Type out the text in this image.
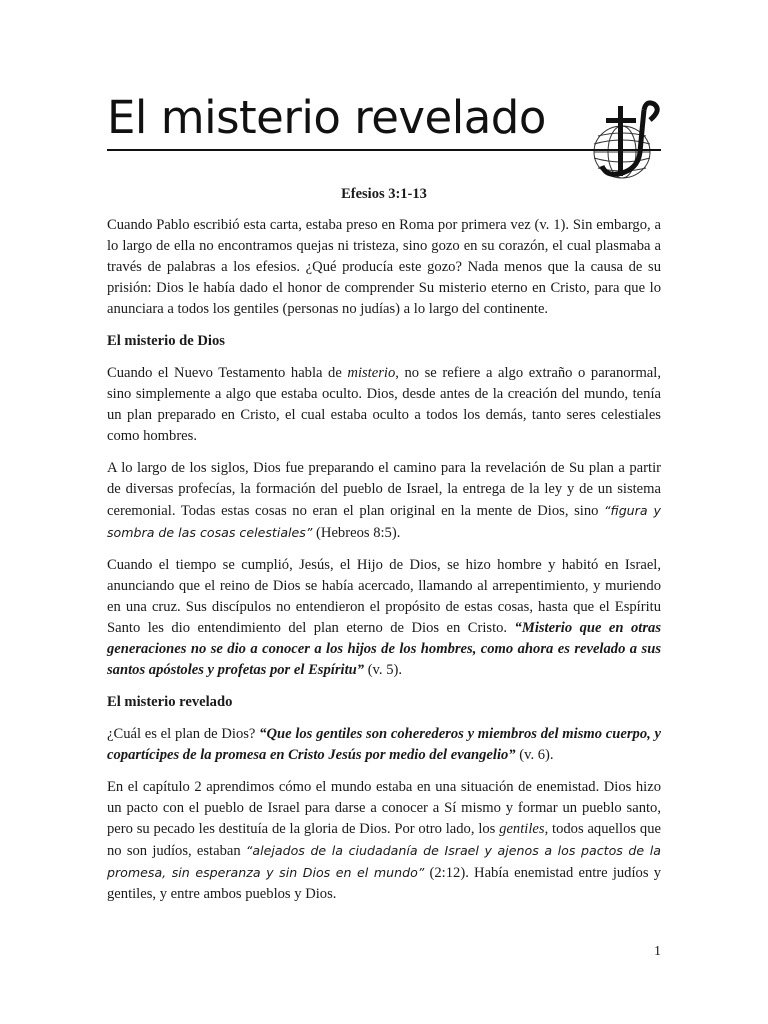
El misterio revelado
Efesios 3:1-13

Cuando Pablo escribió esta carta, estaba preso en Roma por primera vez (v. 1). Sin embargo, a lo largo de ella no encontramos quejas ni tristeza, sino gozo en su corazón, el cual plasmaba a través de palabras a los efesios. ¿Qué producía este gozo? Nada menos que la causa de su prisión: Dios le había dado el honor de comprender Su misterio eterno en Cristo, para que lo anunciara a todos los gentiles (personas no judías) a lo largo del continente.

El misterio de Dios

Cuando el Nuevo Testamento habla de misterio, no se refiere a algo extraño o paranormal, sino simplemente a algo que estaba oculto. Dios, desde antes de la creación del mundo, tenía un plan preparado en Cristo, el cual estaba oculto a todos los demás, tanto seres celestiales como hombres.

A lo largo de los siglos, Dios fue preparando el camino para la revelación de Su plan a partir de diversas profecías, la formación del pueblo de Israel, la entrega de la ley y de un sistema ceremonial. Todas estas cosas no eran el plan original en la mente de Dios, sino “figura y sombra de las cosas celestiales” (Hebreos 8:5).

Cuando el tiempo se cumplió, Jesús, el Hijo de Dios, se hizo hombre y habitó en Israel, anunciando que el reino de Dios se había acercado, llamando al arrepentimiento, y muriendo en una cruz. Sus discípulos no entendieron el propósito de estas cosas, hasta que el Espíritu Santo les dio entendimiento del plan eterno de Dios en Cristo. “Misterio que en otras generaciones no se dio a conocer a los hijos de los hombres, como ahora es revelado a sus santos apóstoles y profetas por el Espíritu” (v. 5).

El misterio revelado

¿Cuál es el plan de Dios? “Que los gentiles son coherederos y miembros del mismo cuerpo, y copartícipes de la promesa en Cristo Jesús por medio del evangelio” (v. 6).

En el capítulo 2 aprendimos cómo el mundo estaba en una situación de enemistad. Dios hizo un pacto con el pueblo de Israel para darse a conocer a Sí mismo y formar un pueblo santo, pero su pecado les destituía de la gloria de Dios. Por otro lado, los gentiles, todos aquellos que no son judíos, estaban “alejados de la ciudadanía de Israel y ajenos a los pactos de la promesa, sin esperanza y sin Dios en el mundo” (2:12). Había enemistad entre judíos y gentiles, y entre ambos pueblos y Dios.

1
